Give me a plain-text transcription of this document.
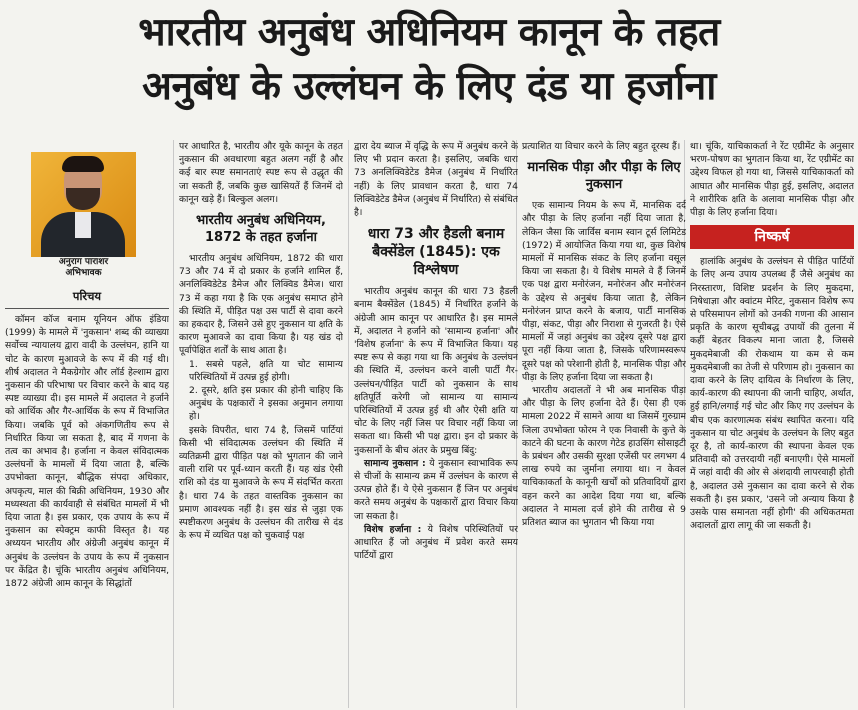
भारतीय अनुबंध अधिनियम कानून के तहत
अनुबंध के उल्लंघन के लिए दंड या हर्जाना
अनुराग पाराशर
अभिभावक
परिचय

कॉमन कॉज बनाम यूनियन ऑफ इंडिया (1999) के मामले में 'नुकसान' शब्द की व्याख्या सर्वोच्च न्यायालय द्वारा वादी के उल्लंघन, हानि या चोट के कारण मुआवजे के रूप में की गई थी। शीर्ष अदालत ने मैकग्रेगोर और लॉर्ड हेल्शाम द्वारा नुकसान की परिभाषा पर विचार करने के बाद यह स्पष्ट व्याख्या दी। इस मामले में अदालत ने हर्जाने को आर्थिक और गैर-आर्थिक के रूप में विभाजित किया। जबकि पूर्व को अंकगणितीय रूप से निर्धारित किया जा सकता है, बाद में गणना के तत्व का अभाव है। हर्जाना न केवल संविदात्मक उल्लंघनों के मामलों में दिया जाता है, बल्कि उपभोक्ता कानून, बौद्धिक संपदा अधिकार, अपकृत्य, माल की बिक्री अधिनियम, 1930 और मध्यस्थता की कार्यवाही से संबंधित मामलों में भी दिया जाता है। इस प्रकार, एक उपाय के रूप में नुकसान का स्पेक्ट्रम काफी विस्तृत है। यह अध्ययन भारतीय और अंग्रेजी अनुबंध कानून में अनुबंध के उल्लंघन के उपाय के रूप में नुकसान पर केंद्रित है। चूंकि भारतीय अनुबंध अधिनियम, 1872 अंग्रेजी आम कानून के सिद्धांतों

पर आधारित है, भारतीय और यूके कानून के तहत नुकसान की अवधारणा बहुत अलग नहीं है और कई बार स्पष्ट समानताएं स्पष्ट रूप से उद्धृत की जा सकती हैं, जबकि कुछ खासियतें हैं जिनमें दो कानून खड़े हैं। बिल्कुल अलग।

भारतीय अनुबंध अधिनियम, 1872 के तहत हर्जाना

भारतीय अनुबंध अधिनियम, 1872 की धारा 73 और 74 में दो प्रकार के हर्जाने शामिल हैं, अनलिक्विडेटेड डैमेज और लिक्विड डैमेज। धारा 73 में कहा गया है कि एक अनुबंध समाप्त होने की स्थिति में, पीड़ित पक्ष उस पार्टी से दावा करने का हकदार है, जिसने उसे हुए नुकसान या क्षति के कारण मुआवजे का दावा किया है। यह खंड दो पूर्वापेक्षित शर्तों के साथ आता है।

1. सबसे पहले, क्षति या चोट सामान्य परिस्थितियों में उत्पन्न हुई होगी।

2. दूसरे, क्षति इस प्रकार की होनी चाहिए कि अनुबंध के पक्षकारों ने इसका अनुमान लगाया हो।

इसके विपरीत, धारा 74 है, जिसमें पार्टियां किसी भी संविदात्मक उल्लंघन की स्थिति में व्यतिक्रमी द्वारा पीड़ित पक्ष को भुगतान की जाने वाली राशि पर पूर्व-ध्यान करती हैं। यह खंड ऐसी राशि को दंड या मुआवजे के रूप में संदर्भित करता है। धारा 74 के तहत वास्तविक नुकसान का प्रमाण आवश्यक नहीं है। इस खंड से जुड़ा एक स्पष्टीकरण अनुबंध के उल्लंघन की तारीख से दंड के रूप में व्यथित पक्ष को चुकवाई पक्ष

द्वारा देय ब्याज में वृद्धि के रूप में अनुबंध करने के लिए भी प्रदान करता है। इसलिए, जबकि धारा 73 अनलिक्विडेटेड डैमेज (अनुबंध में निर्धारित नहीं) के लिए प्रावधान करता है, धारा 74 लिक्विडेटेड डैमेज (अनुबंध में निर्धारित) से संबंधित है।

धारा 73 और हैडली बनाम बैक्सेंडेल (1845): एक विश्लेषण

भारतीय अनुबंध कानून की धारा 73 हैडली बनाम बैक्सेंडेल (1845) में निर्धारित हर्जाने के अंग्रेजी आम कानून पर आधारित है। इस मामले में, अदालत ने हर्जाने को 'सामान्य हर्जाना' और 'विशेष हर्जाना' के रूप में विभाजित किया। यह स्पष्ट रूप से कहा गया था कि अनुबंध के उल्लंघन की स्थिति में, उल्लंघन करने वाली पार्टी गैर-उल्लंघन/पीड़ित पार्टी को नुकसान के साथ क्षतिपूर्ति करेगी जो सामान्य या सामान्य परिस्थितियों में उत्पन्न हुई थी और ऐसी क्षति या चोट के लिए नहीं जिस पर विचार नहीं किया जा सकता था। किसी भी पक्ष द्वारा। इन दो प्रकार के नुकसानों के बीच अंतर के प्रमुख बिंदु:

सामान्य नुकसान : ये नुकसान स्वाभाविक रूप से चीजों के सामान्य क्रम में उल्लंघन के कारण से उत्पन्न होते हैं। ये ऐसे नुकसान हैं जिन पर अनुबंध करते समय अनुबंध के पक्षकारों द्वारा विचार किया जा सकता है।

विशेष हर्जाना : ये विशेष परिस्थितियों पर आधारित हैं जो अनुबंध में प्रवेश करते समय पार्टियों द्वारा

प्रत्याशित या विचार करने के लिए बहुत दूरस्थ हैं।

मानसिक पीड़ा और पीड़ा के लिए नुकसान

एक सामान्य नियम के रूप में, मानसिक दर्द और पीड़ा के लिए हर्जाना नहीं दिया जाता है, लेकिन जैसा कि जार्विस बनाम स्वान टूर्स लिमिटेड (1972) में आयोजित किया गया था, कुछ विशेष मामलों में मानसिक संकट के लिए हर्जाना वसूल किया जा सकता है। ये विशेष मामले वे हैं जिनमें एक पक्ष द्वारा मनोरंजन, मनोरंजन और मनोरंजन के उद्देश्य से अनुबंध किया जाता है, लेकिन मनोरंजन प्राप्त करने के बजाय, पार्टी मानसिक पीड़ा, संकट, पीड़ा और निराशा से गुजरती है। ऐसे मामलों में जहां अनुबंध का उद्देश्य दूसरे पक्ष द्वारा पूरा नहीं किया जाता है, जिसके परिणामस्वरूप दूसरे पक्ष को परेशानी होती है, मानसिक पीड़ा और पीड़ा के लिए हर्जाना दिया जा सकता है।

भारतीय अदालतों ने भी अब मानसिक पीड़ा और पीड़ा के लिए हर्जाना देते हैं। ऐसा ही एक मामला 2022 में सामने आया था जिसमें गुरुग्राम जिला उपभोक्ता फोरम ने एक निवासी के कुत्ते के काटने की घटना के कारण गेटेड हाउसिंग सोसाइटी के प्रबंधन और उसकी सुरक्षा एजेंसी पर लगभग 4 लाख रुपये का जुर्माना लगाया था। न केवल याचिकाकर्ता के कानूनी खर्चों को प्रतिवादियों द्वारा वहन करने का आदेश दिया गया था, बल्कि अदालत ने मामला दर्ज होने की तारीख से 9 प्रतिशत ब्याज का भुगतान भी किया गया

था। चूंकि, याचिकाकर्ता ने रेंट एग्रीमेंट के अनुसार भरण-पोषण का भुगतान किया था, रेंट एग्रीमेंट का उद्देश्य विफल हो गया था, जिससे याचिकाकर्ता को आघात और मानसिक पीड़ा हुई, इसलिए, अदालत ने शारीरिक क्षति के अलावा मानसिक पीड़ा और पीड़ा के लिए हर्जाना दिया।

निष्कर्ष

हालांकि अनुबंध के उल्लंघन से पीड़ित पार्टियों के लिए अन्य उपाय उपलब्ध हैं जैसे अनुबंध का निरस्तारण, विशिष्ट प्रदर्शन के लिए मुकदमा, निषेधाज्ञा और क्वांटम मेरिट, नुकसान विशेष रूप से परिसमापन लोगों को उनकी गणना की आसान प्रकृति के कारण सूचीबद्ध उपायों की तुलना में कहीं बेहतर विकल्प माना जाता है, जिससे मुकदमेबाजी की रोकथाम या कम से कम मुकदमेबाजी का तेजी से परिणाम हो। नुकसान का दावा करने के लिए दायित्व के निर्धारण के लिए, कार्य-कारण की स्थापना की जानी चाहिए, अर्थात, हुई हानि/लगाई गई चोट और किए गए उल्लंघन के बीच एक कारणात्मक संबंध स्थापित करना। यदि नुकसान या चोट अनुबंध के उल्लंघन के लिए बहुत दूर है, तो कार्य-कारण की स्थापना केवल एक प्रतिवादी को उत्तरदायी नहीं बनाएगी। ऐसे मामलों में जहां वादी की ओर से अंशदायी लापरवाही होती है, अदालत उसे नुकसान का दावा करने से रोक सकती है। इस प्रकार, 'उसने जो अन्याय किया है उसके पास समानता नहीं होगी' की अधिकतमता अदालतों द्वारा लागू की जा सकती है।
